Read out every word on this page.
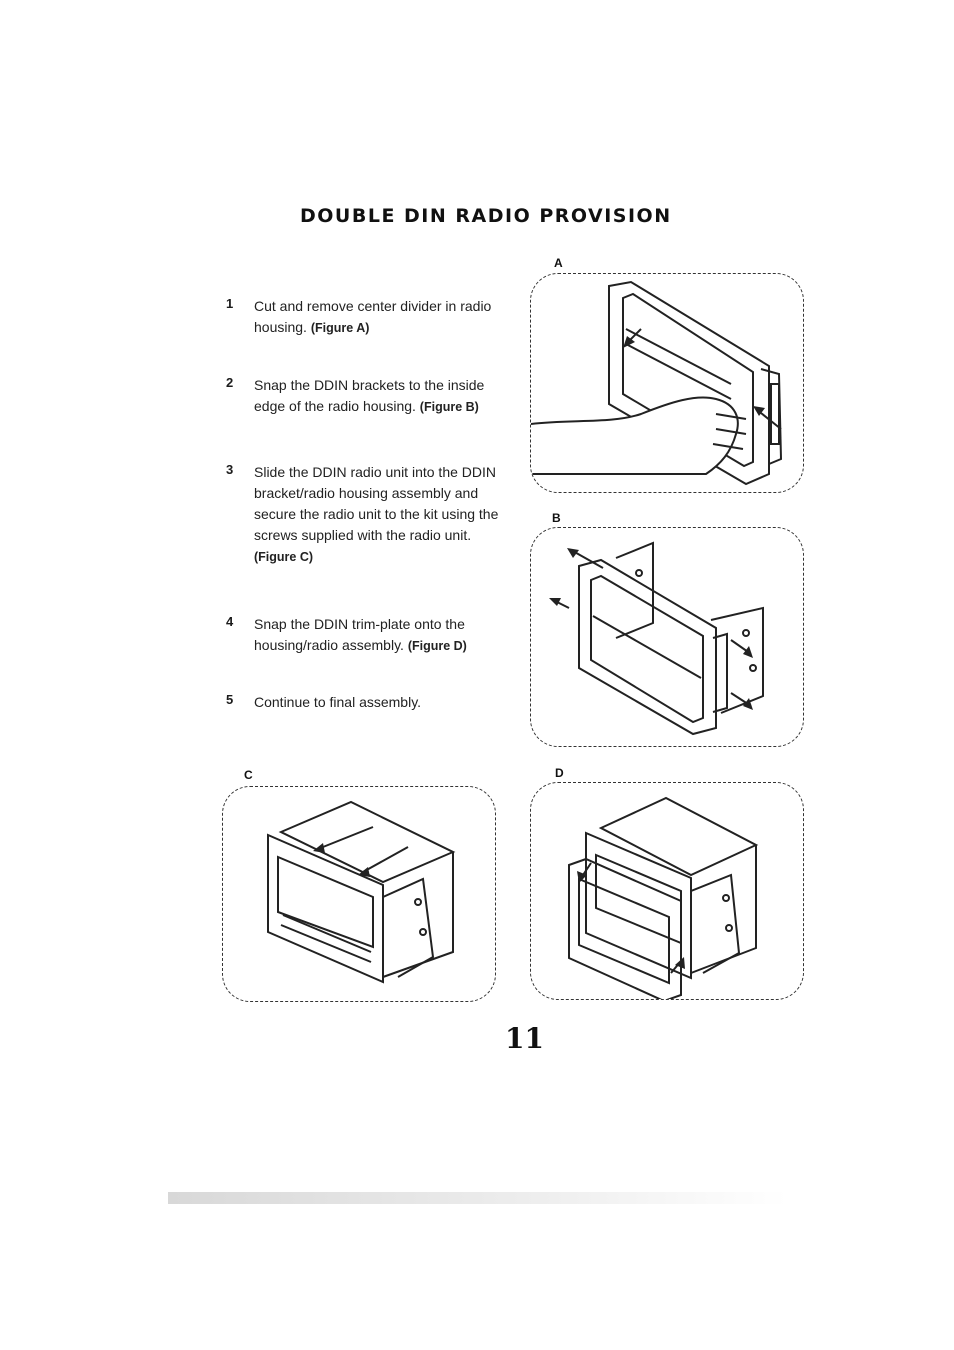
DOUBLE DIN RADIO PROVISION
1 Cut and remove center divider in radio housing. (Figure A)
2 Snap the DDIN brackets to the inside edge of the radio housing. (Figure B)
3 Slide the DDIN radio unit into the DDIN bracket/radio housing assembly and secure the radio unit to the kit using the screws supplied with the radio unit. (Figure C)
4 Snap the DDIN trim-plate onto the housing/radio assembly. (Figure D)
5 Continue to final assembly.
A
B
C	D
11
